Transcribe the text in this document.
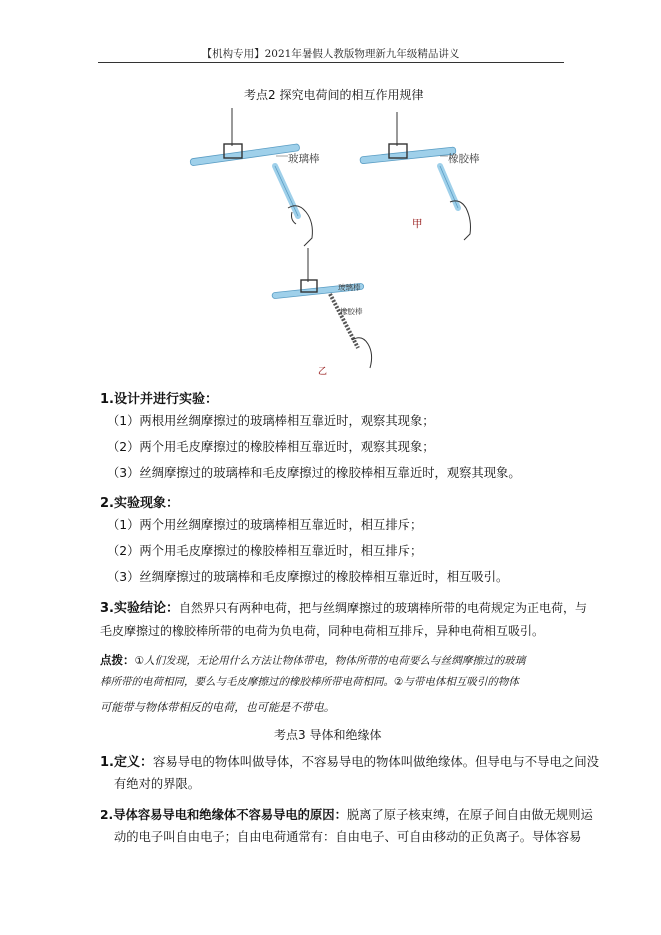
【机构专用】2021年暑假人教版物理新九年级精品讲义
考点2 探究电荷间的相互作用规律
玻璃棒	橡胶棒
甲
玻璃棒
橡胶棒
乙
1.设计并进行实验：
（1）两根用丝绸摩擦过的玻璃棒相互靠近时，观察其现象；
（2）两个用毛皮摩擦过的橡胶棒相互靠近时，观察其现象；
（3）丝绸摩擦过的玻璃棒和毛皮摩擦过的橡胶棒相互靠近时，观察其现象。
2.实验现象：
（1）两个用丝绸摩擦过的玻璃棒相互靠近时，相互排斥；
（2）两个用毛皮摩擦过的橡胶棒相互靠近时，相互排斥；
（3）丝绸摩擦过的玻璃棒和毛皮摩擦过的橡胶棒相互靠近时，相互吸引。
3.实验结论：自然界只有两种电荷，把与丝绸摩擦过的玻璃棒所带的电荷规定为正电荷，与
毛皮摩擦过的橡胶棒所带的电荷为负电荷，同种电荷相互排斥，异种电荷相互吸引。
点拨：①人们发现，无论用什么方法让物体带电，物体所带的电荷要么与丝绸摩擦过的玻璃
棒所带的电荷相同，要么与毛皮摩擦过的橡胶棒所带电荷相同。②与带电体相互吸引的物体
可能带与物体带相反的电荷，也可能是不带电。
考点3 导体和绝缘体
1.定义：容易导电的物体叫做导体，不容易导电的物体叫做绝缘体。但导电与不导电之间没
有绝对的界限。
2.导体容易导电和绝缘体不容易导电的原因：脱离了原子核束缚，在原子间自由做无规则运
动的电子叫自由电子；自由电荷通常有：自由电子、可自由移动的正负离子。导体容易
